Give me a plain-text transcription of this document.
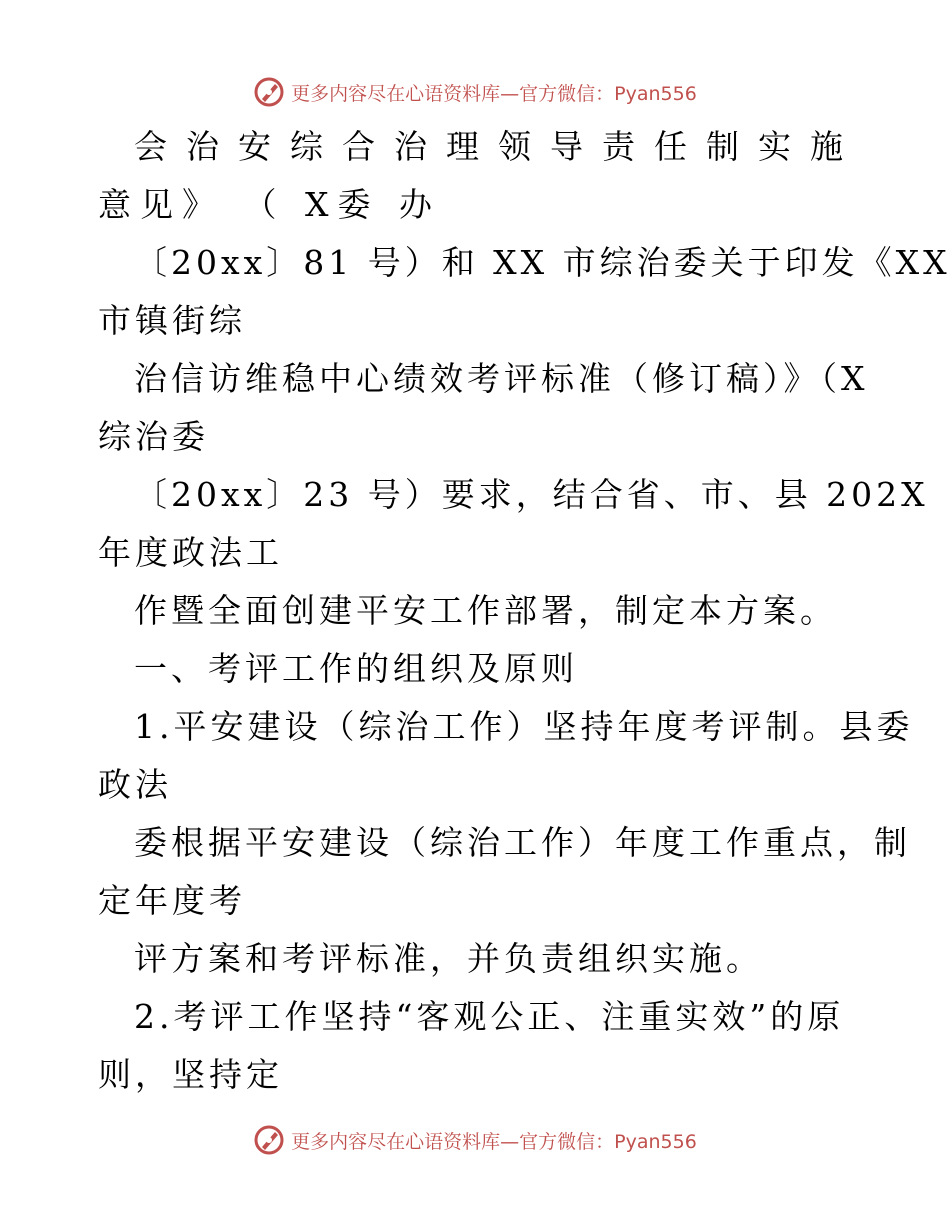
更多内容尽在心语资料库—官方微信：Pyan556
会治安综合治理领导责任制实施
意见》 （ X委 办
〔20xx〕81 号）和 XX 市综治委关于印发《XX
市镇街综
治信访维稳中心绩效考评标准（修订稿）》（X
综治委
〔20xx〕23 号）要求，结合省、市、县 202X
年度政法工
作暨全面创建平安工作部署，制定本方案。
一、考评工作的组织及原则
1.平安建设（综治工作）坚持年度考评制。县委
政法
委根据平安建设（综治工作）年度工作重点，制
定年度考
评方案和考评标准，并负责组织实施。
2.考评工作坚持“客观公正、注重实效”的原
则，坚持定
更多内容尽在心语资料库—官方微信：Pyan556
